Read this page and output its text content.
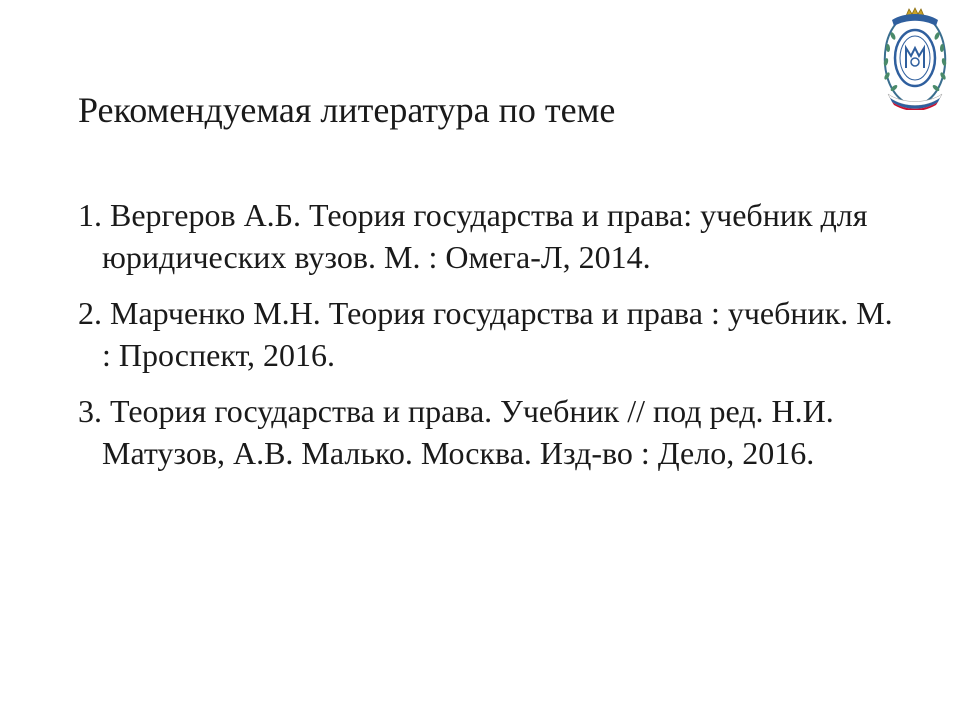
Рекомендуемая литература по теме
1. Вергеров А.Б. Теория государства и права: учебник для юридических вузов. М. : Омега-Л, 2014.
2. Марченко М.Н. Теория государства и права : учебник. М. : Проспект, 2016.
3. Теория государства и права. Учебник // под ред. Н.И. Матузов, А.В. Малько. Москва. Изд-во : Дело, 2016.
